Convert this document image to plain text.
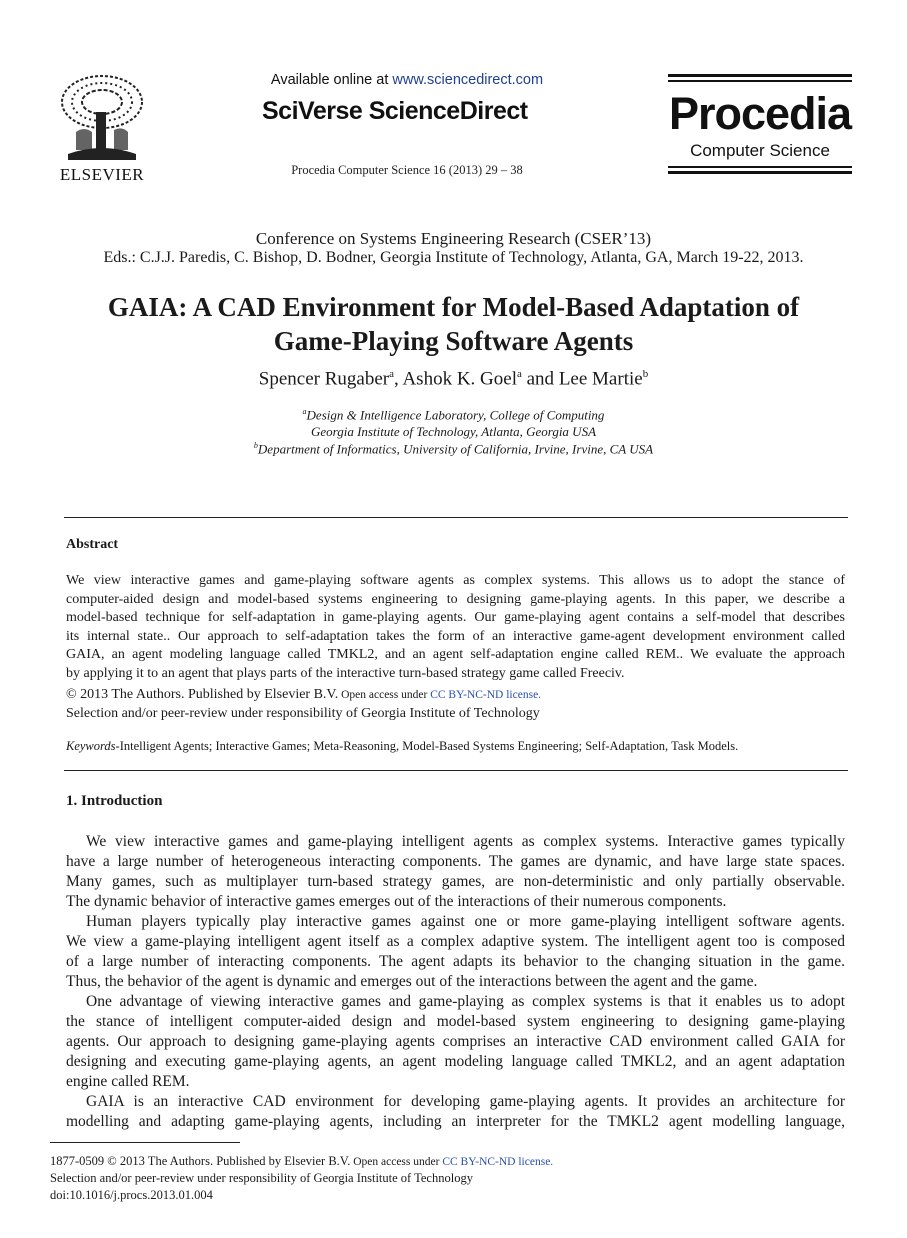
ELSEVIER
Available online at www.sciencedirect.com
SciVerse ScienceDirect
Procedia Computer Science 16 (2013) 29 – 38
Procedia
Computer Science
Conference on Systems Engineering Research (CSER’13)
Eds.: C.J.J. Paredis, C. Bishop, D. Bodner, Georgia Institute of Technology, Atlanta, GA, March 19-22, 2013.
GAIA: A CAD Environment for Model-Based Adaptation of
Game-Playing Software Agents
Spencer Rugaber$^a$, Ashok K. Goel$^a$ and Lee Martie$^b$
$^a$Design & Intelligence Laboratory, College of Computing
Georgia Institute of Technology, Atlanta, Georgia USA
$^b$Department of Informatics, University of California, Irvine, Irvine, CA USA
Abstract
We view interactive games and game-playing software agents as complex systems. This allows us to adopt the stance of
computer-aided design and model-based systems engineering to designing game-playing agents. In this paper, we describe a
model-based technique for self-adaptation in game-playing agents. Our game-playing agent contains a self-model that describes
its internal state.. Our approach to self-adaptation takes the form of an interactive game-agent development environment called
GAIA, an agent modeling language called TMKL2, and an agent self-adaptation engine called REM.. We evaluate the approach
by applying it to an agent that plays parts of the interactive turn-based strategy game called Freeciv.
© 2013 The Authors. Published by Elsevier B.V. Open access under CC BY-NC-ND license.
Selection and/or peer-review under responsibility of Georgia Institute of Technology
Keywords-Intelligent Agents; Interactive Games; Meta-Reasoning, Model-Based Systems Engineering; Self-Adaptation, Task Models.
1. Introduction
We view interactive games and game-playing intelligent agents as complex systems. Interactive games typically
have a large number of heterogeneous interacting components. The games are dynamic, and have large state spaces.
Many games, such as multiplayer turn-based strategy games, are non-deterministic and only partially observable.
The dynamic behavior of interactive games emerges out of the interactions of their numerous components.
Human players typically play interactive games against one or more game-playing intelligent software agents.
We view a game-playing intelligent agent itself as a complex adaptive system. The intelligent agent too is composed
of a large number of interacting components. The agent adapts its behavior to the changing situation in the game.
Thus, the behavior of the agent is dynamic and emerges out of the interactions between the agent and the game.
One advantage of viewing interactive games and game-playing as complex systems is that it enables us to adopt
the stance of intelligent computer-aided design and model-based system engineering to designing game-playing
agents. Our approach to designing game-playing agents comprises an interactive CAD environment called GAIA for
designing and executing game-playing agents, an agent modeling language called TMKL2, and an agent adaptation
engine called REM.
GAIA is an interactive CAD environment for developing game-playing agents. It provides an architecture for
modelling and adapting game-playing agents, including an interpreter for the TMKL2 agent modelling language,
1877-0509 © 2013 The Authors. Published by Elsevier B.V. Open access under CC BY-NC-ND license.
Selection and/or peer-review under responsibility of Georgia Institute of Technology
doi:10.1016/j.procs.2013.01.004
